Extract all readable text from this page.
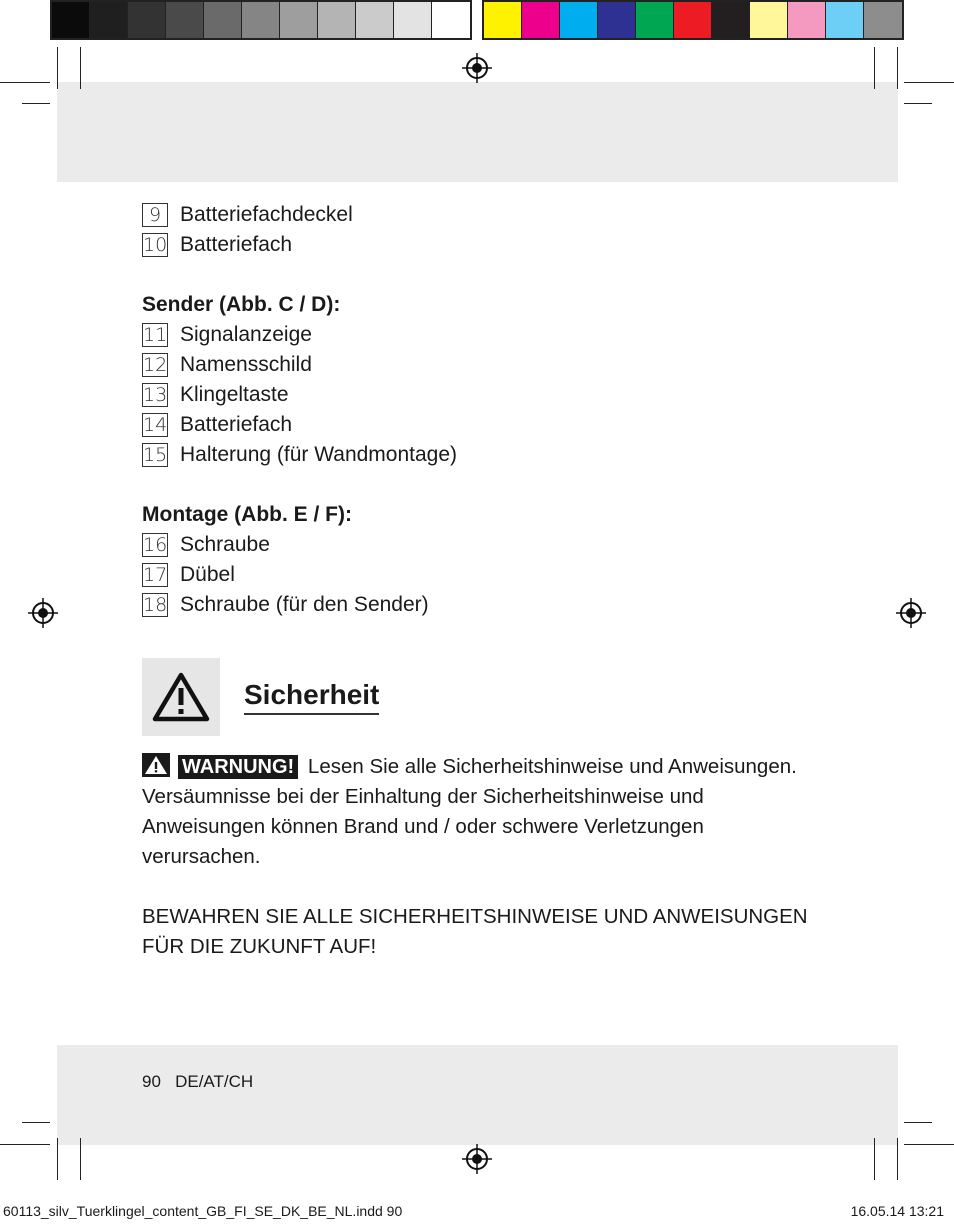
9 Batteriefachdeckel
10 Batteriefach
Sender (Abb. C / D):
11 Signalanzeige
12 Namensschild
13 Klingeltaste
14 Batteriefach
15 Halterung (für Wandmontage)
Montage (Abb. E / F):
16 Schraube
17 Dübel
18 Schraube (für den Sender)
Sicherheit
WARNUNG! Lesen Sie alle Sicherheitshinweise und Anweisungen. Versäumnisse bei der Einhaltung der Sicherheitshinweise und Anweisungen können Brand und / oder schwere Verletzungen verursachen.
BEWAHREN SIE ALLE SICHERHEITSHINWEISE UND ANWEISUNGEN
FÜR DIE ZUKUNFT AUF!
90 DE/AT/CH
60113_silv_Tuerklingel_content_GB_FI_SE_DK_BE_NL.indd 90	16.05.14 13:21
